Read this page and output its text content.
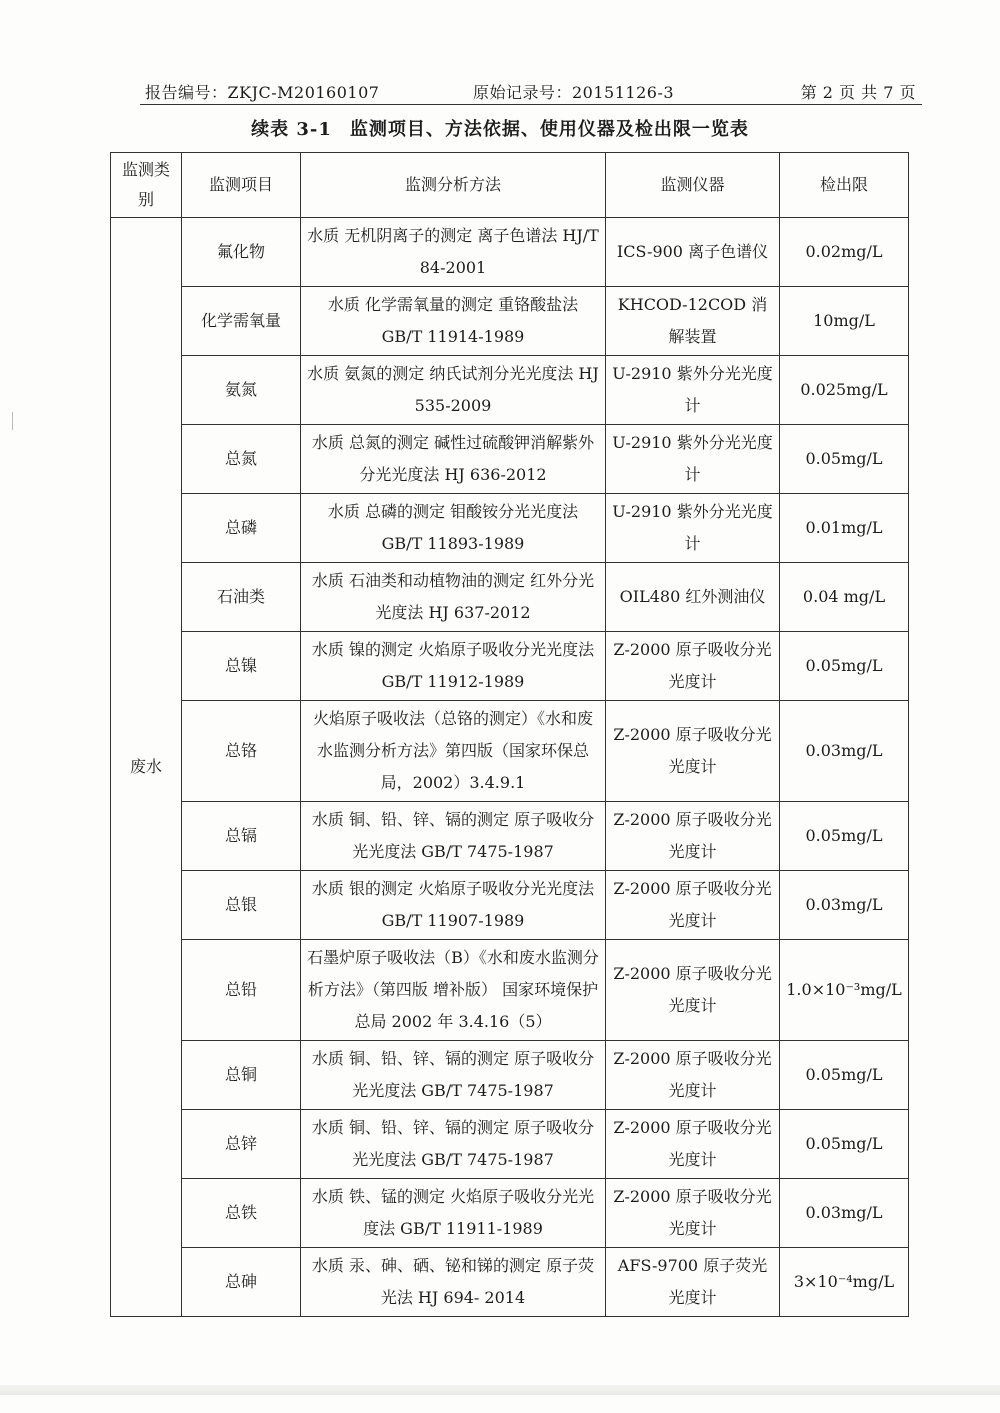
报告编号：ZKJC-M20160107	原始记录号：20151126-3	第 2 页 共 7 页
续表 3-1 监测项目、方法依据、使用仪器及检出限一览表
监测类别	监测项目	监测分析方法	监测仪器	检出限
废水	氟化物	水质 无机阴离子的测定 离子色谱法 HJ/T 84-2001	ICS-900 离子色谱仪	0.02mg/L
	化学需氧量	水质 化学需氧量的测定 重铬酸盐法 GB/T 11914-1989	KHCOD-12COD 消解装置	10mg/L
	氨氮	水质 氨氮的测定 纳氏试剂分光光度法 HJ 535-2009	U-2910 紫外分光光度计	0.025mg/L
	总氮	水质 总氮的测定 碱性过硫酸钾消解紫外分光光度法 HJ 636-2012	U-2910 紫外分光光度计	0.05mg/L
	总磷	水质 总磷的测定 钼酸铵分光光度法 GB/T 11893-1989	U-2910 紫外分光光度计	0.01mg/L
	石油类	水质 石油类和动植物油的测定 红外分光光度法 HJ 637-2012	OIL480 红外测油仪	0.04 mg/L
	总镍	水质 镍的测定 火焰原子吸收分光光度法 GB/T 11912-1989	Z-2000 原子吸收分光光度计	0.05mg/L
	总铬	火焰原子吸收法（总铬的测定）《水和废水监测分析方法》第四版（国家环保总局，2002）3.4.9.1	Z-2000 原子吸收分光光度计	0.03mg/L
	总镉	水质 铜、铅、锌、镉的测定 原子吸收分光光度法 GB/T 7475-1987	Z-2000 原子吸收分光光度计	0.05mg/L
	总银	水质 银的测定 火焰原子吸收分光光度法 GB/T 11907-1989	Z-2000 原子吸收分光光度计	0.03mg/L
	总铅	石墨炉原子吸收法（B）《水和废水监测分析方法》（第四版 增补版） 国家环境保护总局 2002 年 3.4.16（5）	Z-2000 原子吸收分光光度计	1.0×10⁻³mg/L
	总铜	水质 铜、铅、锌、镉的测定 原子吸收分光光度法 GB/T 7475-1987	Z-2000 原子吸收分光光度计	0.05mg/L
	总锌	水质 铜、铅、锌、镉的测定 原子吸收分光光度法 GB/T 7475-1987	Z-2000 原子吸收分光光度计	0.05mg/L
	总铁	水质 铁、锰的测定 火焰原子吸收分光光度法 GB/T 11911-1989	Z-2000 原子吸收分光光度计	0.03mg/L
	总砷	水质 汞、砷、硒、铋和锑的测定 原子荧光法 HJ 694- 2014	AFS-9700 原子荧光光度计	3×10⁻⁴mg/L
